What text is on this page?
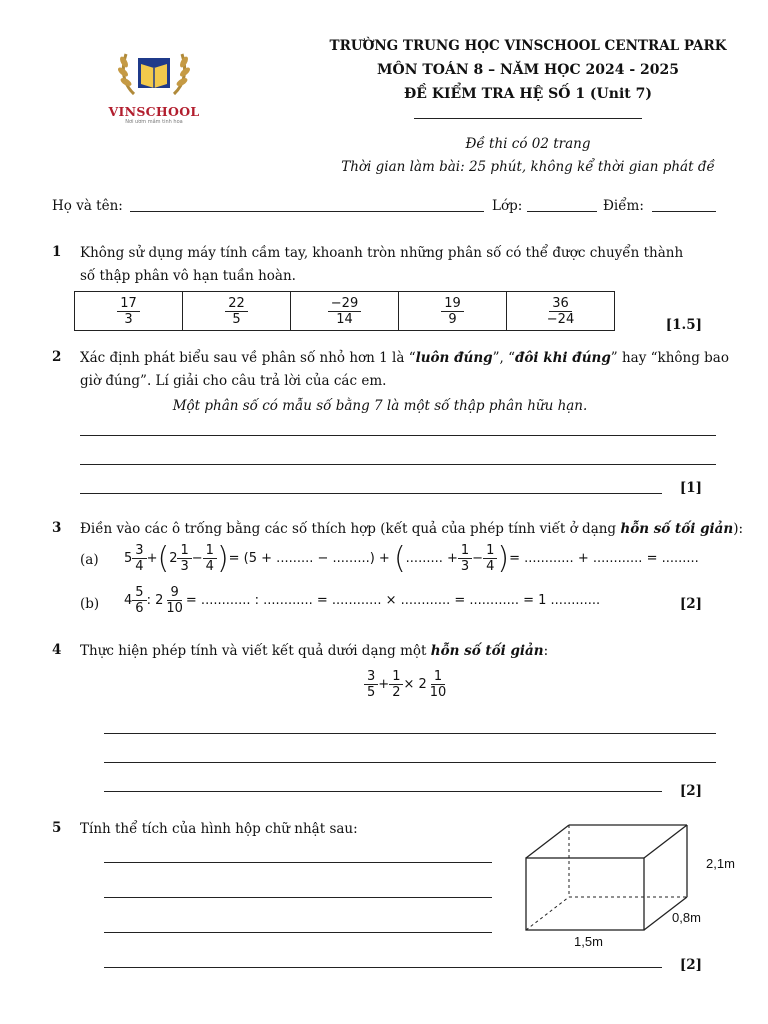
VINSCHOOL
Nơi ươm mầm tinh hoa
TRƯỜNG TRUNG HỌC VINSCHOOL CENTRAL PARK
MÔN TOÁN 8 – NĂM HỌC 2024 - 2025
ĐỀ KIỂM TRA HỆ SỐ 1 (Unit 7)
Đề thi có 02 trang
Thời gian làm bài: 25 phút, không kể thời gian phát đề
Họ và tên:	Lớp:	Điểm:
1 Không sử dụng máy tính cầm tay, khoanh tròn những phân số có thể được chuyển thành
số thập phân vô hạn tuần hoàn.
$\frac{17}{3}$	$\frac{22}{5}$	$\frac{-29}{14}$	$\frac{19}{9}$	$\frac{36}{-24}$	[1.5]
2 Xác định phát biểu sau về phân số nhỏ hơn 1 là “luôn đúng”, “đôi khi đúng” hay “không bao
giờ đúng”. Lí giải cho câu trả lời của các em.
Một phân số có mẫu số bằng 7 là một số thập phân hữu hạn.
[1]
3 Điền vào các ô trống bằng các số thích hợp (kết quả của phép tính viết ở dạng hỗn số tối giản):
(a) $5 \frac{3}{4} +(2 \frac{1}{3} - \frac{1}{4}$ )= (5 + ......... − .........) + (......... + $\frac{1}{3} - \frac{1}{4}$ )= ............ + ............ = .........
(b) $4 \frac{5}{6}$ : $2 \frac{9}{10}$ = ............ : ............ = ............ × ............ = ............ = 1 ............	[2]
4 Thực hiện phép tính và viết kết quả dưới dạng một hỗn số tối giản:
$\frac{3}{5} + \frac{1}{2} \times 2 \frac{1}{10}$
[2]
5 Tính thể tích của hình hộp chữ nhật sau:
[2]
2,1m
0,8m
1,5m
